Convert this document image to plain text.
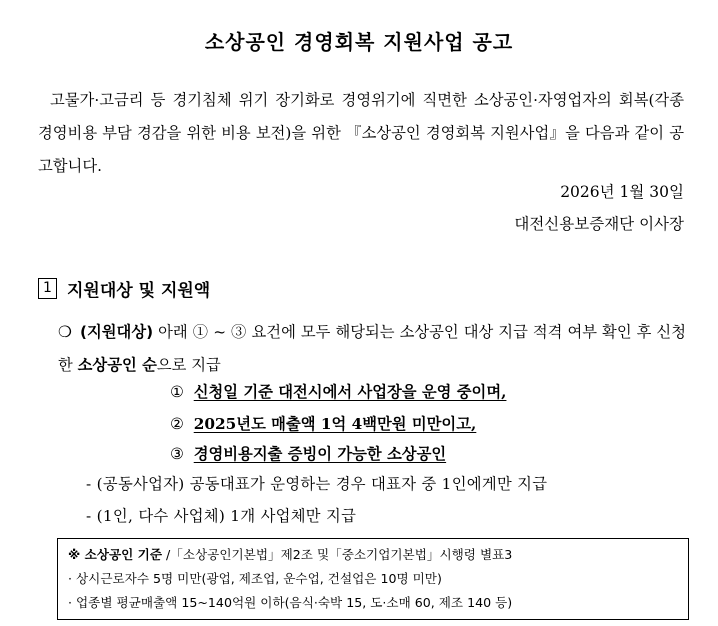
소상공인 경영회복 지원사업 공고
고물가·고금리 등 경기침체 위기 장기화로 경영위기에 직면한 소상공인·자영업자의 회복(각종 경영비용 부담 경감을 위한 비용 보전)을 위한 『소상공인 경영회복 지원사업』을 다음과 같이 공고합니다.
2026년 1월 30일
대전신용보증재단 이사장
1 지원대상 및 지원액
❍ (지원대상) 아래 ① ~ ③ 요건에 모두 해당되는 소상공인 대상 지급 적격 여부 확인 후 신청한 소상공인 순으로 지급
① 신청일 기준 대전시에서 사업장을 운영 중이며,
② 2025년도 매출액 1억 4백만원 미만이고,
③ 경영비용지출 증빙이 가능한 소상공인
- (공동사업자) 공동대표가 운영하는 경우 대표자 중 1인에게만 지급
- (1인, 다수 사업체) 1개 사업체만 지급
※ 소상공인 기준 /「소상공인기본법」제2조 및「중소기업기본법」시행령 별표3
· 상시근로자수 5명 미만(광업, 제조업, 운수업, 건설업은 10명 미만)
· 업종별 평균매출액 15~140억원 이하(음식·숙박 15, 도·소매 60, 제조 140 등)
